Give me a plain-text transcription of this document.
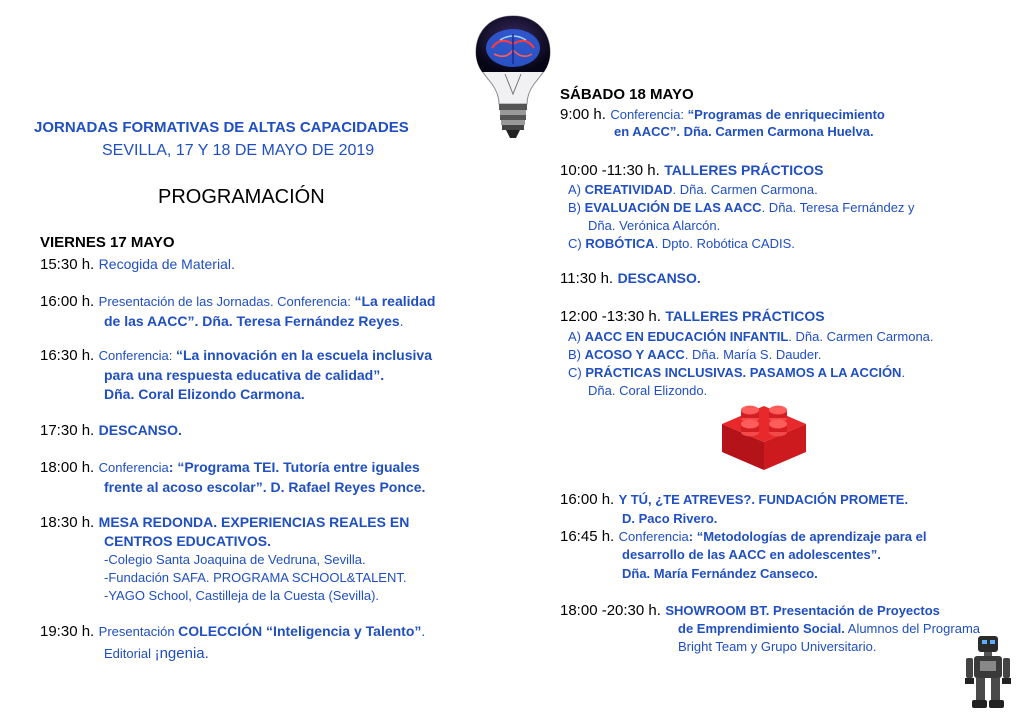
JORNADAS FORMATIVAS DE ALTAS CAPACIDADES
SEVILLA, 17 Y 18 DE MAYO DE 2019
PROGRAMACIÓN
VIERNES 17 MAYO
15:30 h. Recogida de Material.
16:00 h. Presentación de las Jornadas. Conferencia: “La realidad
de las AACC”. Dña. Teresa Fernández Reyes.
16:30 h. Conferencia: “La innovación en la escuela inclusiva
para una respuesta educativa de calidad”.
Dña. Coral Elizondo Carmona.
17:30 h. DESCANSO.
18:00 h. Conferencia: “Programa TEI. Tutoría entre iguales
frente al acoso escolar”. D. Rafael Reyes Ponce.
18:30 h. MESA REDONDA. EXPERIENCIAS REALES EN
CENTROS EDUCATIVOS.
-Colegio Santa Joaquina de Vedruna, Sevilla.
-Fundación SAFA. PROGRAMA SCHOOL&TALENT.
-YAGO School, Castilleja de la Cuesta (Sevilla).
19:30 h. Presentación COLECCIÓN “Inteligencia y Talento”.
Editorial ¡ngenia.
SÁBADO 18 MAYO
9:00 h. Conferencia: “Programas de enriquecimiento
en AACC”. Dña. Carmen Carmona Huelva.
10:00 -11:30 h. TALLERES PRÁCTICOS
A) CREATIVIDAD. Dña. Carmen Carmona.
B) EVALUACIÓN DE LAS AACC. Dña. Teresa Fernández y
Dña. Verónica Alarcón.
C) ROBÓTICA. Dpto. Robótica CADIS.
11:30 h. DESCANSO.
12:00 -13:30 h. TALLERES PRÁCTICOS
A) AACC EN EDUCACIÓN INFANTIL. Dña. Carmen Carmona.
B) ACOSO Y AACC. Dña. María S. Dauder.
C) PRÁCTICAS INCLUSIVAS. PASAMOS A LA ACCIÓN.
Dña. Coral Elizondo.
16:00 h. Y TÚ, ¿TE ATREVES?. FUNDACIÓN PROMETE.
D. Paco Rivero.
16:45 h. Conferencia: “Metodologías de aprendizaje para el
desarrollo de las AACC en adolescentes”.
Dña. María Fernández Canseco.
18:00 -20:30 h. SHOWROOM BT. Presentación de Proyectos
de Emprendimiento Social. Alumnos del Programa
Bright Team y Grupo Universitario.
